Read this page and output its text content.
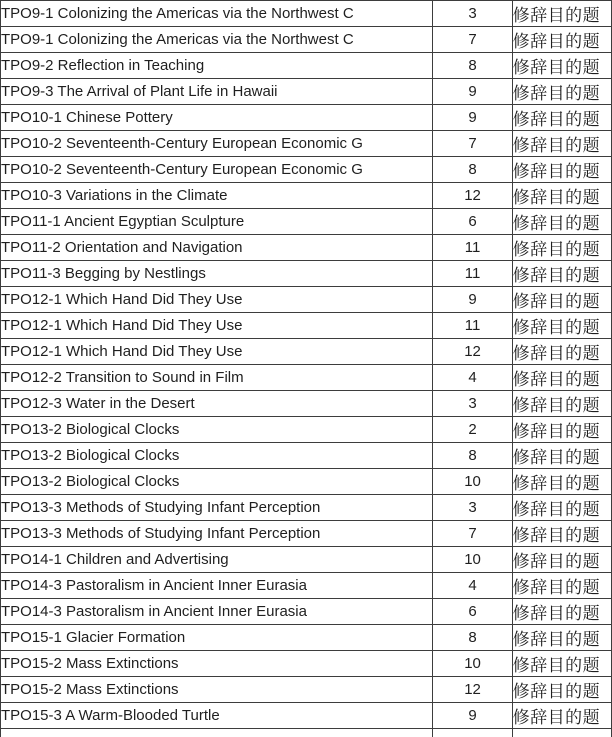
TPO9-1 Colonizing the Americas via the Northwest C	3	修辞目的题
TPO9-1 Colonizing the Americas via the Northwest C	7	修辞目的题
TPO9-2 Reflection in Teaching	8	修辞目的题
TPO9-3 The Arrival of Plant Life in Hawaii	9	修辞目的题
TPO10-1 Chinese Pottery	9	修辞目的题
TPO10-2 Seventeenth-Century European Economic G	7	修辞目的题
TPO10-2 Seventeenth-Century European Economic G	8	修辞目的题
TPO10-3 Variations in the Climate	12	修辞目的题
TPO11-1 Ancient Egyptian Sculpture	6	修辞目的题
TPO11-2 Orientation and Navigation	11	修辞目的题
TPO11-3 Begging by Nestlings	11	修辞目的题
TPO12-1 Which Hand Did They Use	9	修辞目的题
TPO12-1 Which Hand Did They Use	11	修辞目的题
TPO12-1 Which Hand Did They Use	12	修辞目的题
TPO12-2 Transition to Sound in Film	4	修辞目的题
TPO12-3 Water in the Desert	3	修辞目的题
TPO13-2 Biological Clocks	2	修辞目的题
TPO13-2 Biological Clocks	8	修辞目的题
TPO13-2 Biological Clocks	10	修辞目的题
TPO13-3 Methods of Studying Infant Perception	3	修辞目的题
TPO13-3 Methods of Studying Infant Perception	7	修辞目的题
TPO14-1 Children and Advertising	10	修辞目的题
TPO14-3 Pastoralism in Ancient Inner Eurasia	4	修辞目的题
TPO14-3 Pastoralism in Ancient Inner Eurasia	6	修辞目的题
TPO15-1 Glacier Formation	8	修辞目的题
TPO15-2 Mass Extinctions	10	修辞目的题
TPO15-2 Mass Extinctions	12	修辞目的题
TPO15-3 A Warm-Blooded Turtle	9	修辞目的题
